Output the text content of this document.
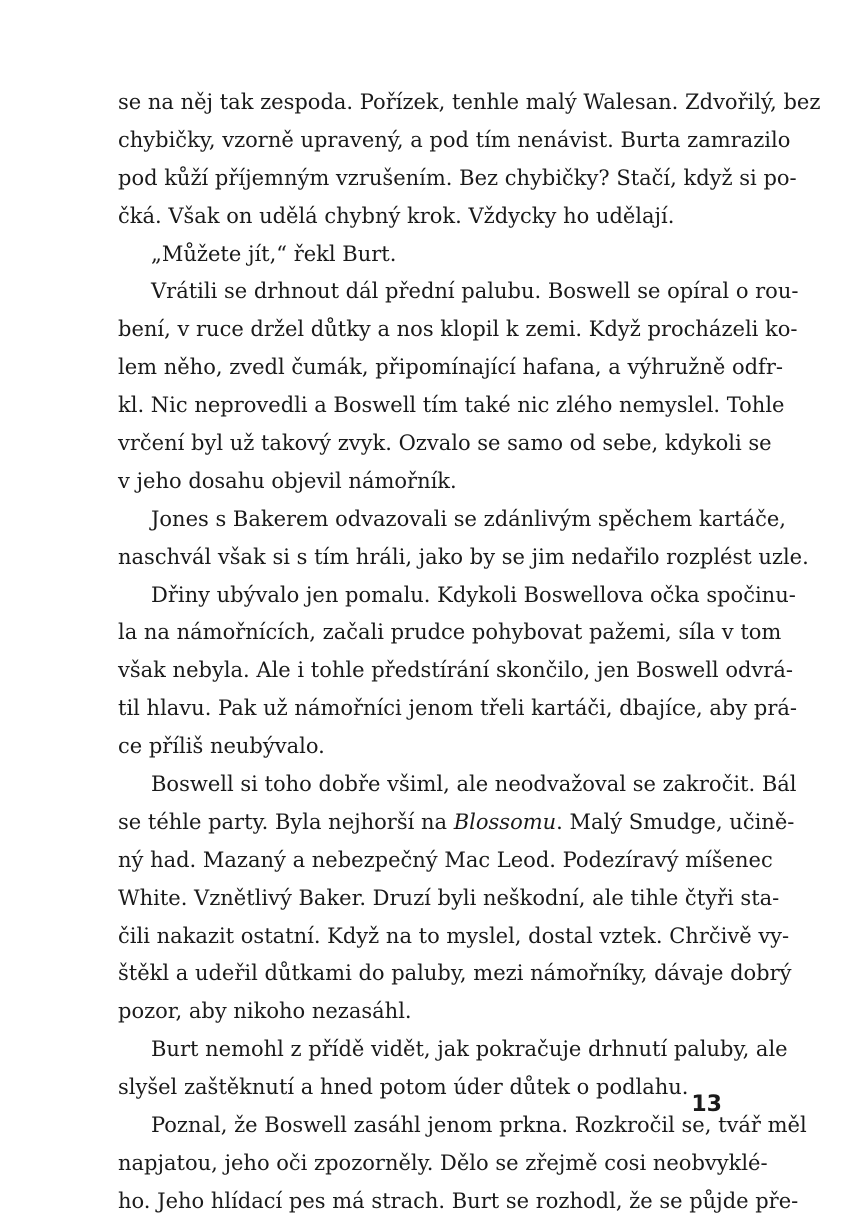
se na něj tak zespoda. Pořízek, tenhle malý Walesan. Zdvořilý, bez
chybičky, vzorně upravený, a pod tím nenávist. Burta zamrazilo
pod kůží příjemným vzrušením. Bez chybičky? Stačí, když si po-
čká. Však on udělá chybný krok. Vždycky ho udělají.
„Můžete jít,“ řekl Burt.
Vrátili se drhnout dál přední palubu. Boswell se opíral o rou-
bení, v ruce držel důtky a nos klopil k zemi. Když procházeli ko-
lem něho, zvedl čumák, připomínající hafana, a výhružně odfr-
kl. Nic neprovedli a Boswell tím také nic zlého nemyslel. Tohle
vrčení byl už takový zvyk. Ozvalo se samo od sebe, kdykoli se
v jeho dosahu objevil námořník.
Jones s Bakerem odvazovali se zdánlivým spěchem kartáče,
naschvál však si s tím hráli, jako by se jim nedařilo rozplést uzle.
Dřiny ubývalo jen pomalu. Kdykoli Boswellova očka spočinu-
la na námořnících, začali prudce pohybovat pažemi, síla v tom
však nebyla. Ale i tohle předstírání skončilo, jen Boswell odvrá-
til hlavu. Pak už námořníci jenom třeli kartáči, dbajíce, aby prá-
ce příliš neubývalo.
Boswell si toho dobře všiml, ale neodvažoval se zakročit. Bál
se téhle party. Byla nejhorší na Blossomu. Malý Smudge, učině-
ný had. Mazaný a nebezpečný Mac Leod. Podezíravý míšenec
White. Vznětlivý Baker. Druzí byli neškodní, ale tihle čtyři sta-
čili nakazit ostatní. Když na to myslel, dostal vztek. Chrčivě vy-
štěkl a udeřil důtkami do paluby, mezi námořníky, dávaje dobrý
pozor, aby nikoho nezasáhl.
Burt nemohl z přídě vidět, jak pokračuje drhnutí paluby, ale
slyšel zaštěknutí a hned potom úder důtek o podlahu.
Poznal, že Boswell zasáhl jenom prkna. Rozkročil se, tvář měl
napjatou, jeho oči zpozorněly. Dělo se zřejmě cosi neobvyklé-
ho. Jeho hlídací pes má strach. Burt se rozhodl, že se půjde pře-
13
